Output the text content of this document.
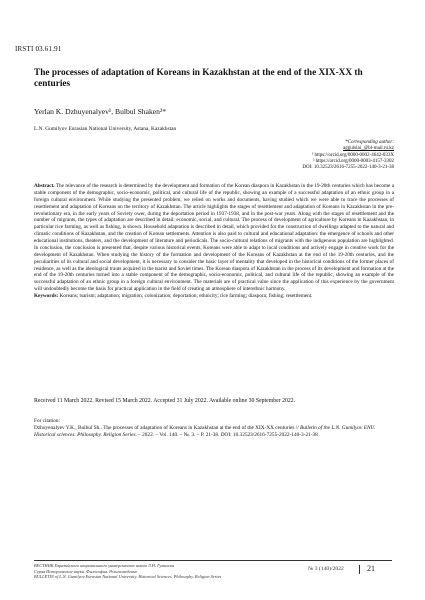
IRSTI 03.61.91
The processes of adaptation of Koreans in Kazakhstan at the end of the XIX-XX th centuries
Yerlan K. Dzhuyenalyev¹, Bulbul Shaken²*
L.N. Gumilyov Eurasian National University, Astana, Kazakhstan
*Corresponding author:
aggulslai_@bl-mail.ru.kz
¹ https://orcid.org/0000-0002-4642-033X
² https://orcid.org/0000-0003-4157-3302
DOI: 10.32523/2616-7255-2022-140-3-21-38
Abstract. The relevance of the research is determined by the development and formation of the Korean diaspora in Kazakhstan in the 19-20th centuries which has become a stable component of the demographic, socio-economic, political, and cultural life of the republic, showing an example of a successful adaptation of an ethnic group in a foreign cultural environment. While studying the presented problem, we relied on works and documents, having studied which we were able to trace the processes of resettlement and adaptation of Koreans on the territory of Kazakhstan. The article highlights the stages of resettlement and adaptation of Koreans in Kazakhstan in the pre-revolutionary era, in the early years of Soviety ower, during the deportation period in 1937-1938, and in the post-war years. Along with the stages of resettlement and the number of migrants, the types of adaptation are described in detail: economic, social, and cultural. The process of development of agriculture by Koreans in Kazakhstan, in particular rice farming, as well as fishing, is shown. Household adaptation is described in detail, which provided for the construction of dwellings adapted to the natural and climatic conditions of Kazakhstan, and the creation of Korean settlements. Attention is also paid to cultural and educational adaptation: the emergence of schools and other educational institutions, theaters, and the development of literature and periodicals. The socio-cultural relations of migrants with the indigenous population are highlighted. In conclusion, the conclusion is presented that, despite various historical events, Koreans were able to adapt to local conditions and actively engage in creative work for the development of Kazakhstan. When studying the history of the formation and development of the Koreans of Kazakhstan at the end of the 19-20th centuries, and the peculiarities of its cultural and social development, it is necessary to consider the basic layer of mentality that developed in the historical conditions of the former places of residence, as well as the ideological trauts acquired in the tsarist and Soviet times. The Korean diaspora of Kazakhstan in the process of its development and formation at the end of the 19-20th centuries turned into a stable component of the demographic, socio-economic, political, and cultural life of the republic, showing an example of the successful adaptation of an ethnic group in a foreign cultural environment. The materials are of practical value since the application of this experience by the government will undoubtedly become the basis for practical application in the field of creating an atmosphere of interethnic harmony.
Keywords: Koreans; tsarism; adaptation; migration; colonization; deportation; ethnicity; rice farming; diaspora; fishing; resettlement.
Received 11 March 2022. Revised 15 March 2022. Accepted 31 July 2022. Available online 30 September 2022.
For citation:
Dzhuyenalyev Y.K., Bulbul Sh.. The processes of adaptation of Koreans in Kazakhstan at the end of the XIX-XX centuries // Bulletin of the L.N. Gumilyov ENU. Historical sciences. Philosophy. Religion Series. – 2022. – Vol. 140. – №. 3. – P. 21-38. DOI: 10.32523/2616-7255-2022-140-3-21-38
ВЕСТНИК Евразийского национального университета имени Л.Н. Гумилева
Серия Исторические науки. Философия. Религиоведение
BULLETIN of L.N. Gumilyov Eurasian National University. Historical Sciences. Philosophy. Religion Series
№ 3 (140)/2022	21
